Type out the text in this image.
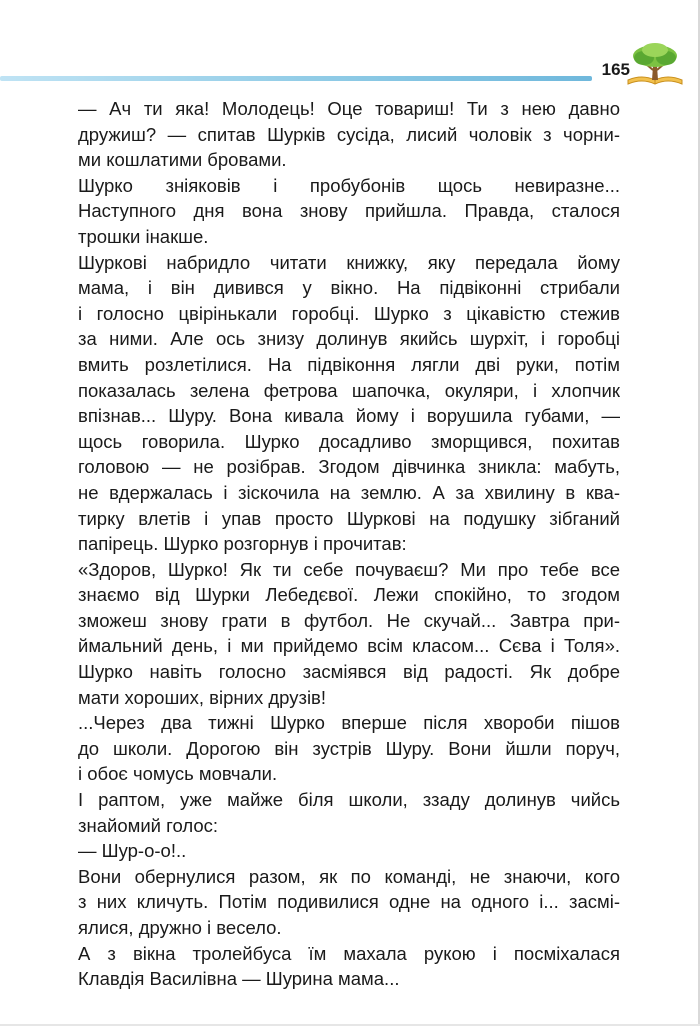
165

— Ач ти яка! Молодець! Оце товариш! Ти з нею давно
дружиш? — спитав Шурків сусіда, лисий чоловік з чорни-
ми кошлатими бровами.

Шурко зніяковів і пробубонів щось невиразне...
Наступного дня вона знову прийшла. Правда, сталося
трошки інакше.

Шуркові набридло читати книжку, яку передала йому
мама, і він дивився у вікно. На підвіконні стрибали
і голосно цвірінькали горобці. Шурко з цікавістю стежив
за ними. Але ось знизу долинув якийсь шурхіт, і горобці
вмить розлетілися. На підвіконня лягли дві руки, потім
показалась зелена фетрова шапочка, окуляри, і хлопчик
впізнав... Шуру. Вона кивала йому і ворушила губами, —
щось говорила. Шурко досадливо зморщився, похитав
головою — не розібрав. Згодом дівчинка зникла: мабуть,
не вдержалась і зіскочила на землю. А за хвилину в ква-
тирку влетів і упав просто Шуркові на подушку зібганий
папірець. Шурко розгорнув і прочитав:

«Здоров, Шурко! Як ти себе почуваєш? Ми про тебе все
знаємо від Шурки Лебедєвої. Лежи спокійно, то згодом
зможеш знову грати в футбол. Не скучай... Завтра при-
ймальний день, і ми прийдемо всім класом... Сєва і Толя».

Шурко навіть голосно засміявся від радості. Як добре
мати хороших, вірних друзів!

...Через два тижні Шурко вперше після хвороби пішов
до школи. Дорогою він зустрів Шуру. Вони йшли поруч,
і обоє чомусь мовчали.

І раптом, уже майже біля школи, ззаду долинув чийсь
знайомий голос:

— Шур-о-о!..

Вони обернулися разом, як по команді, не знаючи, кого
з них кличуть. Потім подивилися одне на одного і... засмі-
ялися, дружно і весело.

А з вікна тролейбуса їм махала рукою і посміхалася
Клавдія Василівна — Шурина мама...
